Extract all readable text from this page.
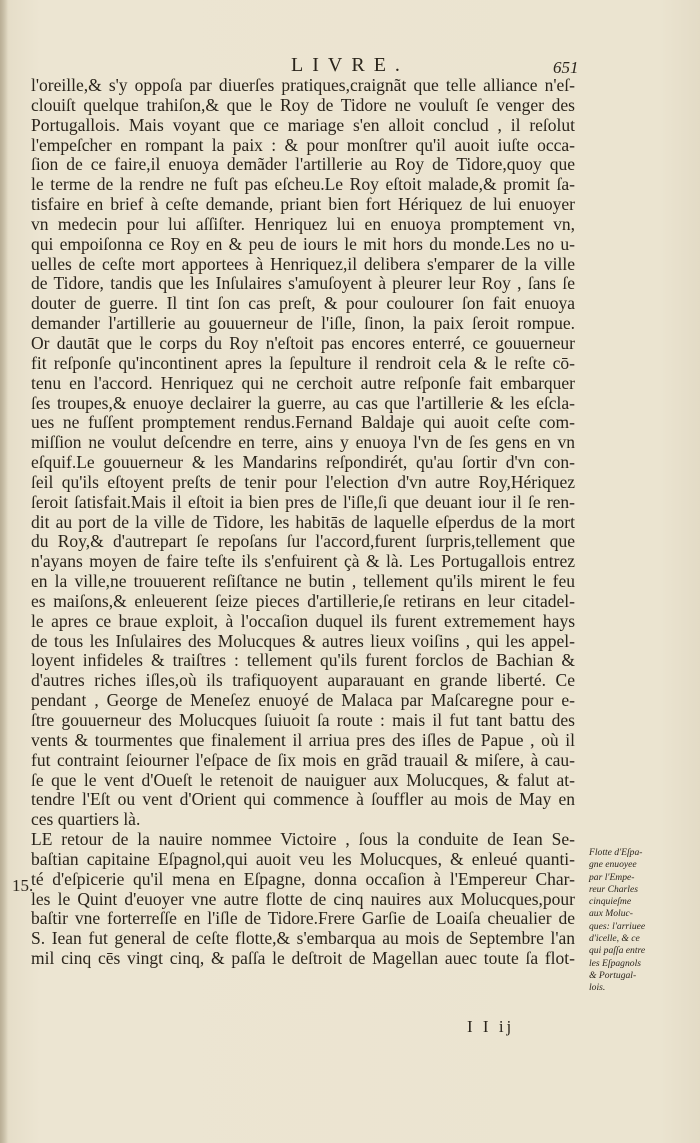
LIVRE.	651
l'oreille,& s'y oppoſa par diuerſes pratiques,craignãt que telle alliance n'eſ-
clouiſt quelque trahiſon,& que le Roy de Tidore ne vouluſt ſe venger des
Portugallois. Mais voyant que ce mariage s'en alloit conclud , il reſolut
l'empeſcher en rompant la paix : & pour monſtrer qu'il auoit iuſte occa-
ſion de ce faire,il enuoya demãder l'artillerie au Roy de Tidore,quoy que
le terme de la rendre ne fuſt pas eſcheu.Le Roy eſtoit malade,& promit ſa-
tisfaire en brief à ceſte demande, priant bien fort Hériquez de lui enuoyer
vn medecin pour lui aſſiſter. Henriquez lui en enuoya promptement vn,
qui empoiſonna ce Roy en & peu de iours le mit hors du monde.Les no u-
uelles de ceſte mort apportees à Henriquez,il delibera s'emparer de la ville
de Tidore, tandis que les Inſulaires s'amuſoyent à pleurer leur Roy , ſans ſe
douter de guerre. Il tint ſon cas preſt, & pour coulourer ſon fait enuoya
demander l'artillerie au gouuerneur de l'iſle, ſinon, la paix ſeroit rompue.
Or dautāt que le corps du Roy n'eſtoit pas encores enterré, ce gouuerneur
fit reſponſe qu'incontinent apres la ſepulture il rendroit cela & le reſte cō-
tenu en l'accord. Henriquez qui ne cerchoit autre reſponſe fait embarquer
ſes troupes,& enuoye declairer la guerre, au cas que l'artillerie & les eſcla-
ues ne fuſſent promptement rendus.Fernand Baldaje qui auoit ceſte com-
miſſion ne voulut deſcendre en terre, ains y enuoya l'vn de ſes gens en vn
eſquif.Le gouuerneur & les Mandarins reſpondirét, qu'au ſortir d'vn con-
ſeil qu'ils eſtoyent preſts de tenir pour l'election d'vn autre Roy,Hériquez
ſeroit ſatisfait.Mais il eſtoit ia bien pres de l'iſle,ſi que deuant iour il ſe ren-
dit au port de la ville de Tidore, les habitās de laquelle eſperdus de la mort
du Roy,& d'autrepart ſe repoſans ſur l'accord,furent ſurpris,tellement que
n'ayans moyen de faire teſte ils s'enfuirent çà & là. Les Portugallois entrez
en la ville,ne trouuerent reſiſtance ne butin , tellement qu'ils mirent le feu
es maiſons,& enleuerent ſeize pieces d'artillerie,ſe retirans en leur citadel-
le apres ce braue exploit, à l'occaſion duquel ils furent extremement hays
de tous les Inſulaires des Molucques & autres lieux voiſins , qui les appel-
loyent infideles & traiſtres : tellement qu'ils furent forclos de Bachian &
d'autres riches iſles,où ils trafiquoyent auparauant en grande liberté. Ce
pendant , George de Meneſez enuoyé de Malaca par Maſcaregne pour e-
ſtre gouuerneur des Molucques ſuiuoit ſa route : mais il fut tant battu des
vents & tourmentes que finalement il arriua pres des iſles de Papue , où il
fut contraint ſeiourner l'eſpace de ſix mois en grãd trauail & miſere, à cau-
ſe que le vent d'Oueſt le retenoit de nauiguer aux Molucques, & falut at-
tendre l'Eſt ou vent d'Orient qui commence à ſouffler au mois de May en
ces quartiers là.
LE retour de la nauire nommee Victoire , ſous la conduite de Iean Se-
baſtian capitaine Eſpagnol,qui auoit veu les Molucques, & enleué quanti-
té d'eſpicerie qu'il mena en Eſpagne, donna occaſion à l'Empereur Char-
les le Quint d'euoyer vne autre flotte de cinq nauires aux Molucques,pour
baſtir vne forterreſſe en l'iſle de Tidore.Frere Garſie de Loaiſa cheualier de
S. Iean fut general de ceſte flotte,& s'embarqua au mois de Septembre l'an
mil cinq cēs vingt cinq, & paſſa le deſtroit de Magellan auec toute ſa flot-
15.
Flotte d'Eſpa-
gne enuoyee
par l'Empe-
reur Charles
cinquieſme
aux Moluc-
ques: l'arriuee
d'icelle, & ce
qui paſſa entre
les Eſpagnols
& Portugal-
lois.
I I ij
